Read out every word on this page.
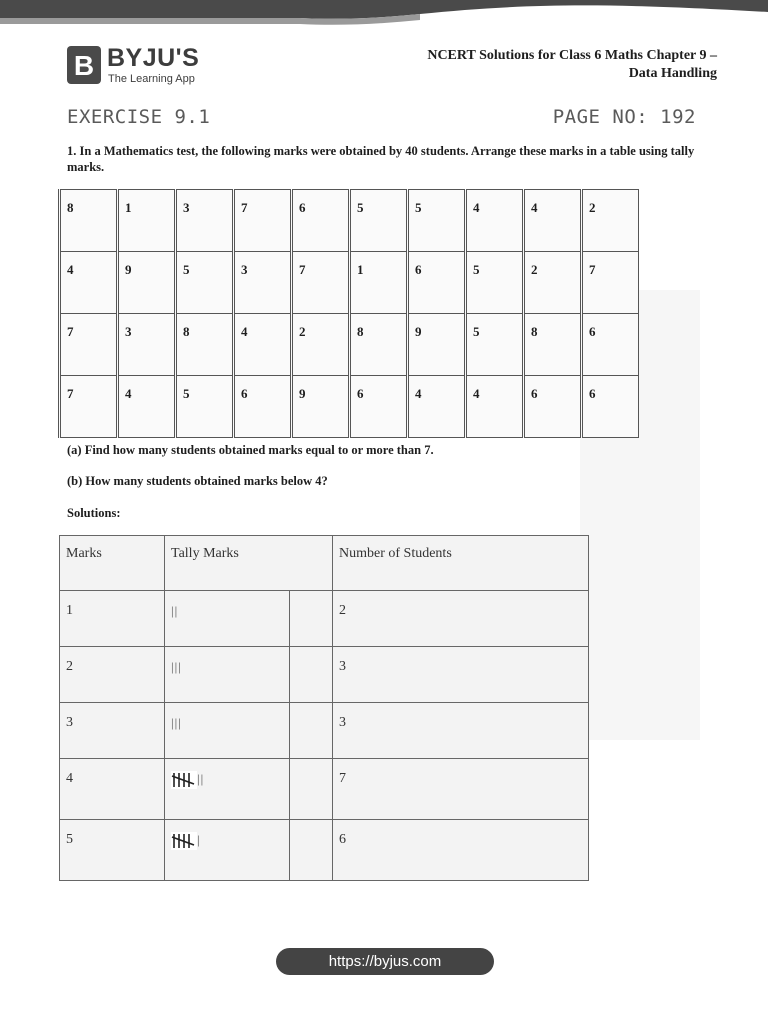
B BYJU'S
The Learning App
NCERT Solutions for Class 6 Maths Chapter 9 –
Data Handling
EXERCISE 9.1	PAGE NO: 192
1. In a Mathematics test, the following marks were obtained by 40 students. Arrange these marks in a table using tally marks.
8	1	3	7	6	5	5	4	4	2
4	9	5	3	7	1	6	5	2	7
7	3	8	4	2	8	9	5	8	6
7	4	5	6	9	6	4	4	6	6
(a) Find how many students obtained marks equal to or more than 7.
(b) How many students obtained marks below 4?
Solutions:
Marks	Tally Marks		Number of Students
1	||		2
2	|||		3
3	|||		3
4	||		7
5	|		6
https://byjus.com
